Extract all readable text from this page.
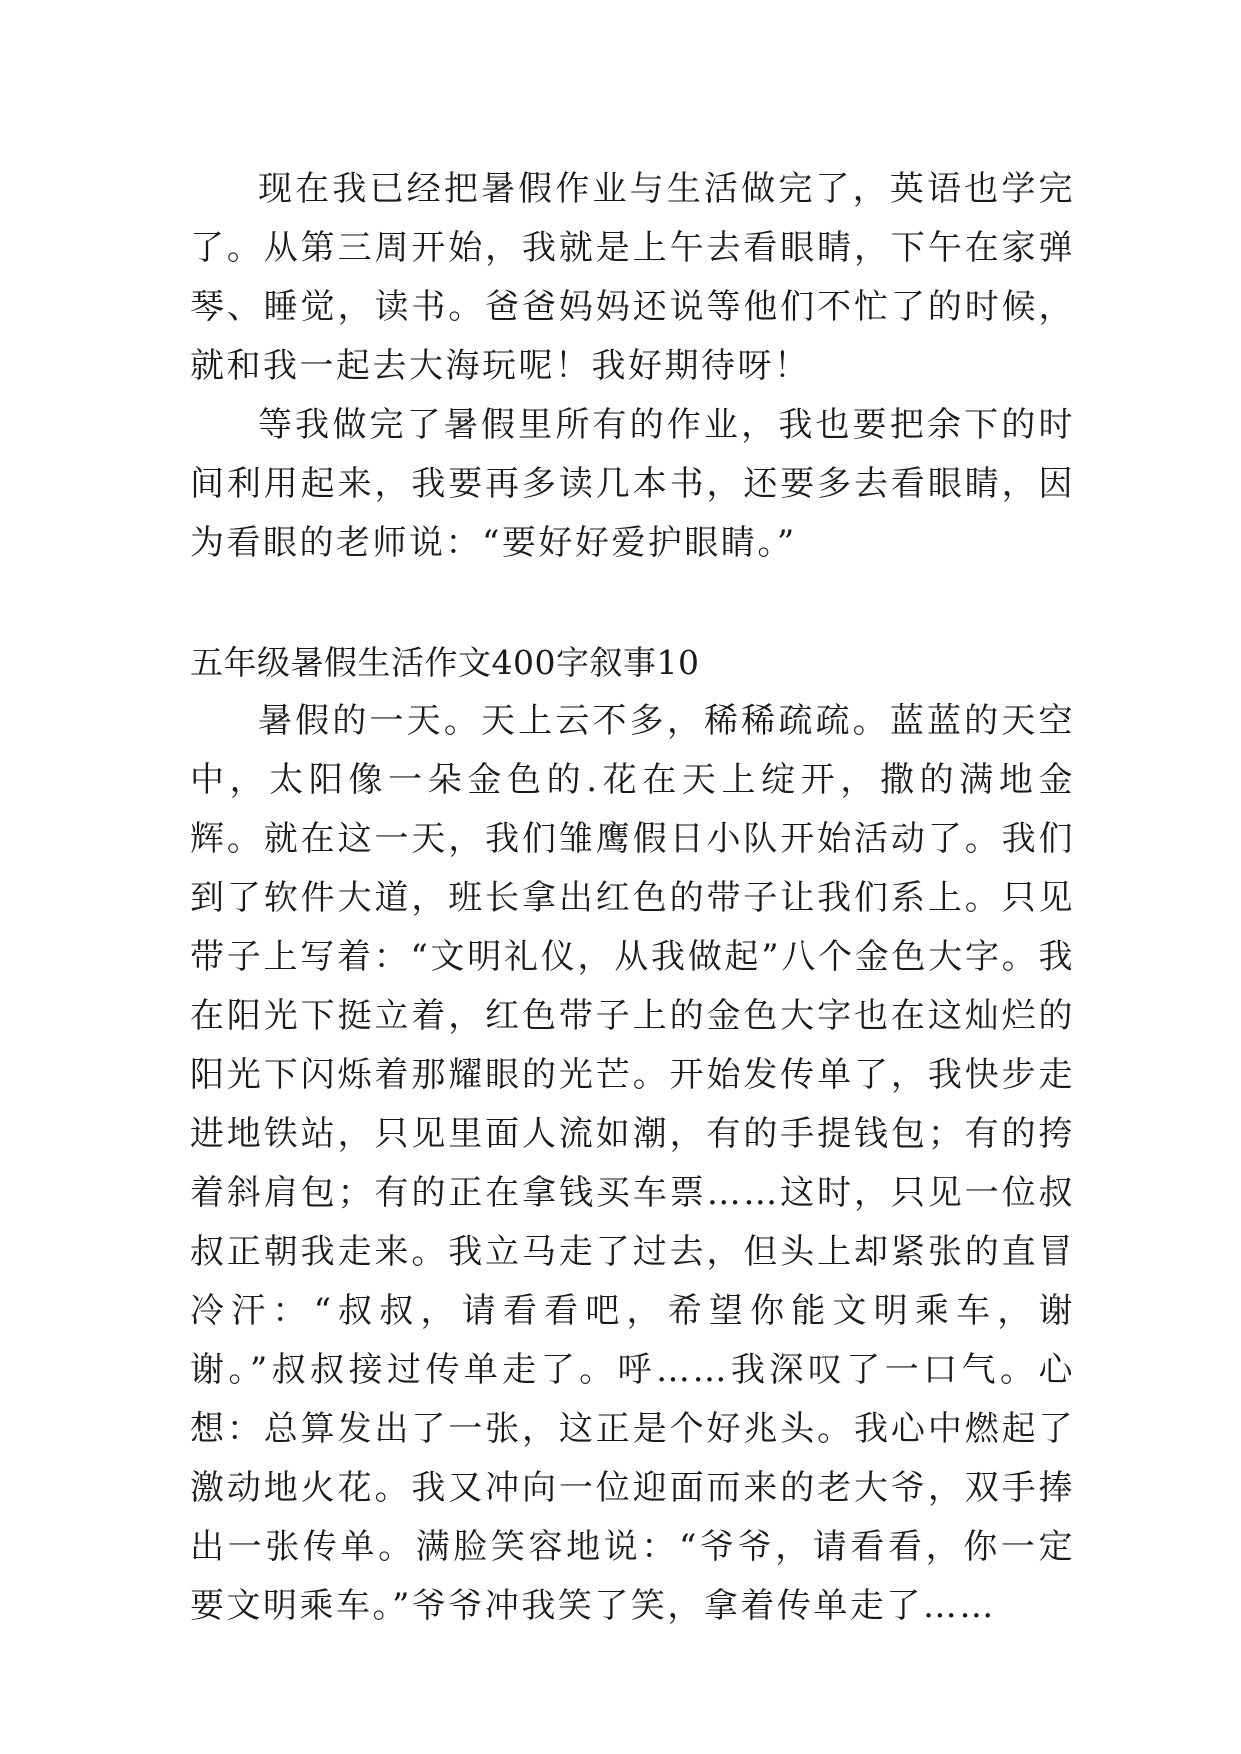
现在我已经把暑假作业与生活做完了，英语也学完了。从第三周开始，我就是上午去看眼睛，下午在家弹琴、睡觉，读书。爸爸妈妈还说等他们不忙了的时候，就和我一起去大海玩呢！我好期待呀！

等我做完了暑假里所有的作业，我也要把余下的时间利用起来，我要再多读几本书，还要多去看眼睛，因为看眼的老师说：“要好好爱护眼睛。”

五年级暑假生活作文400字叙事10

暑假的一天。天上云不多，稀稀疏疏。蓝蓝的天空中，太阳像一朵金色的.花在天上绽开，撒的满地金辉。就在这一天，我们雏鹰假日小队开始活动了。我们到了软件大道，班长拿出红色的带子让我们系上。只见带子上写着：“文明礼仪，从我做起”八个金色大字。我在阳光下挺立着，红色带子上的金色大字也在这灿烂的阳光下闪烁着那耀眼的光芒。开始发传单了，我快步走进地铁站，只见里面人流如潮，有的手提钱包；有的挎着斜肩包；有的正在拿钱买车票……这时，只见一位叔叔正朝我走来。我立马走了过去，但头上却紧张的直冒冷汗：“叔叔，请看看吧，希望你能文明乘车，谢谢。”叔叔接过传单走了。呼……我深叹了一口气。心想：总算发出了一张，这正是个好兆头。我心中燃起了激动地火花。我又冲向一位迎面而来的老大爷，双手捧出一张传单。满脸笑容地说：“爷爷，请看看，你一定要文明乘车。”爷爷冲我笑了笑，拿着传单走了……
